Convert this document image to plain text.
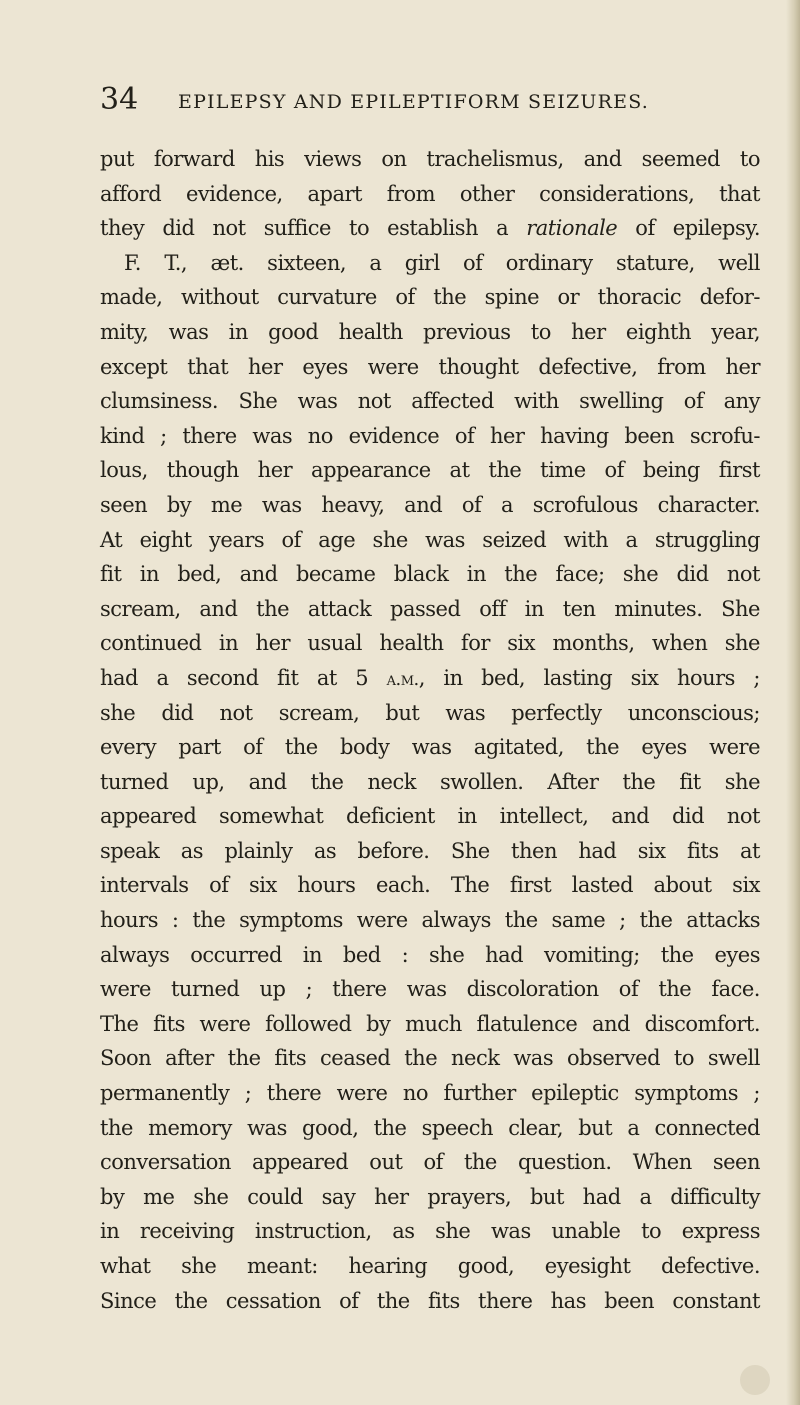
34 EPILEPSY AND EPILEPTIFORM SEIZURES.
put forward his views on trachelismus, and seemed to
afford evidence, apart from other considerations, that
they did not suffice to establish a rationale of epilepsy.
F. T., æt. sixteen, a girl of ordinary stature, well
made, without curvature of the spine or thoracic defor-
mity, was in good health previous to her eighth year,
except that her eyes were thought defective, from her
clumsiness. She was not affected with swelling of any
kind ; there was no evidence of her having been scrofu-
lous, though her appearance at the time of being first
seen by me was heavy, and of a scrofulous character.
At eight years of age she was seized with a struggling
fit in bed, and became black in the face; she did not
scream, and the attack passed off in ten minutes. She
continued in her usual health for six months, when she
had a second fit at 5 a.m., in bed, lasting six hours ;
she did not scream, but was perfectly unconscious;
every part of the body was agitated, the eyes were
turned up, and the neck swollen. After the fit she
appeared somewhat deficient in intellect, and did not
speak as plainly as before. She then had six fits at
intervals of six hours each. The first lasted about six
hours : the symptoms were always the same ; the attacks
always occurred in bed : she had vomiting; the eyes
were turned up ; there was discoloration of the face.
The fits were followed by much flatulence and discomfort.
Soon after the fits ceased the neck was observed to swell
permanently ; there were no further epileptic symptoms ;
the memory was good, the speech clear, but a connected
conversation appeared out of the question. When seen
by me she could say her prayers, but had a difficulty
in receiving instruction, as she was unable to express
what she meant: hearing good, eyesight defective.
Since the cessation of the fits there has been constant
